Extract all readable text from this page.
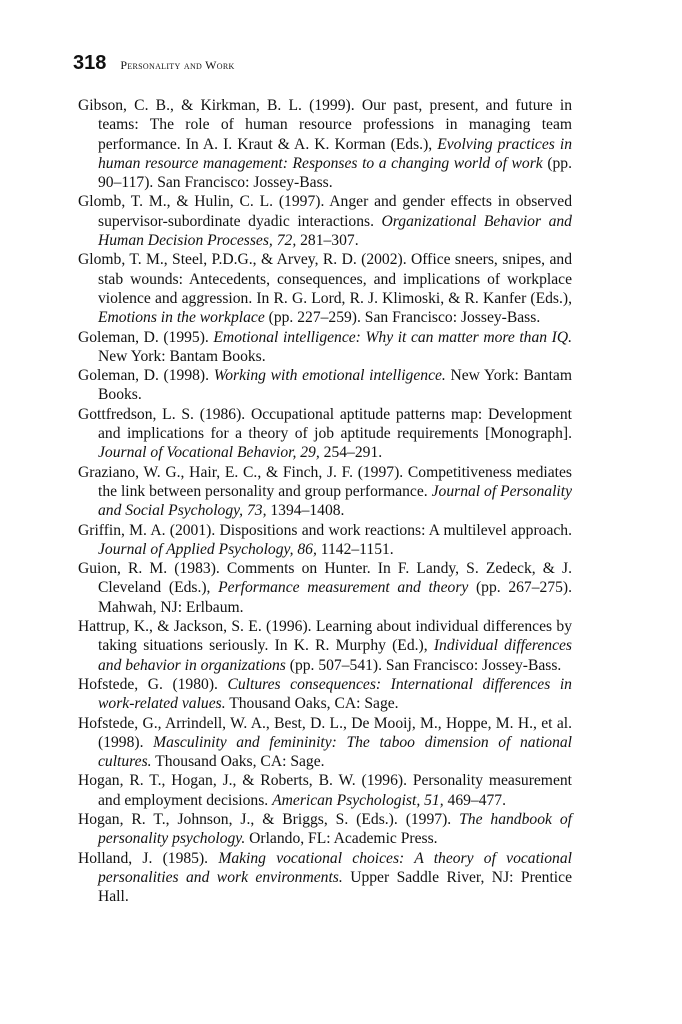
318 Personality and Work
Gibson, C. B., & Kirkman, B. L. (1999). Our past, present, and future in teams: The role of human resource professions in managing team performance. In A. I. Kraut & A. K. Korman (Eds.), Evolving practices in human resource management: Responses to a changing world of work (pp. 90–117). San Francisco: Jossey-Bass.
Glomb, T. M., & Hulin, C. L. (1997). Anger and gender effects in observed supervisor-subordinate dyadic interactions. Organizational Behavior and Human Decision Processes, 72, 281–307.
Glomb, T. M., Steel, P.D.G., & Arvey, R. D. (2002). Office sneers, snipes, and stab wounds: Antecedents, consequences, and implications of workplace violence and aggression. In R. G. Lord, R. J. Klimoski, & R. Kanfer (Eds.), Emotions in the workplace (pp. 227–259). San Francisco: Jossey-Bass.
Goleman, D. (1995). Emotional intelligence: Why it can matter more than IQ. New York: Bantam Books.
Goleman, D. (1998). Working with emotional intelligence. New York: Bantam Books.
Gottfredson, L. S. (1986). Occupational aptitude patterns map: Development and implications for a theory of job aptitude requirements [Monograph]. Journal of Vocational Behavior, 29, 254–291.
Graziano, W. G., Hair, E. C., & Finch, J. F. (1997). Competitiveness mediates the link between personality and group performance. Journal of Personality and Social Psychology, 73, 1394–1408.
Griffin, M. A. (2001). Dispositions and work reactions: A multilevel approach. Journal of Applied Psychology, 86, 1142–1151.
Guion, R. M. (1983). Comments on Hunter. In F. Landy, S. Zedeck, & J. Cleveland (Eds.), Performance measurement and theory (pp. 267–275). Mahwah, NJ: Erlbaum.
Hattrup, K., & Jackson, S. E. (1996). Learning about individual differences by taking situations seriously. In K. R. Murphy (Ed.), Individual differences and behavior in organizations (pp. 507–541). San Francisco: Jossey-Bass.
Hofstede, G. (1980). Cultures consequences: International differences in work-related values. Thousand Oaks, CA: Sage.
Hofstede, G., Arrindell, W. A., Best, D. L., De Mooij, M., Hoppe, M. H., et al. (1998). Masculinity and femininity: The taboo dimension of national cultures. Thousand Oaks, CA: Sage.
Hogan, R. T., Hogan, J., & Roberts, B. W. (1996). Personality measurement and employment decisions. American Psychologist, 51, 469–477.
Hogan, R. T., Johnson, J., & Briggs, S. (Eds.). (1997). The handbook of personality psychology. Orlando, FL: Academic Press.
Holland, J. (1985). Making vocational choices: A theory of vocational personalities and work environments. Upper Saddle River, NJ: Prentice Hall.
